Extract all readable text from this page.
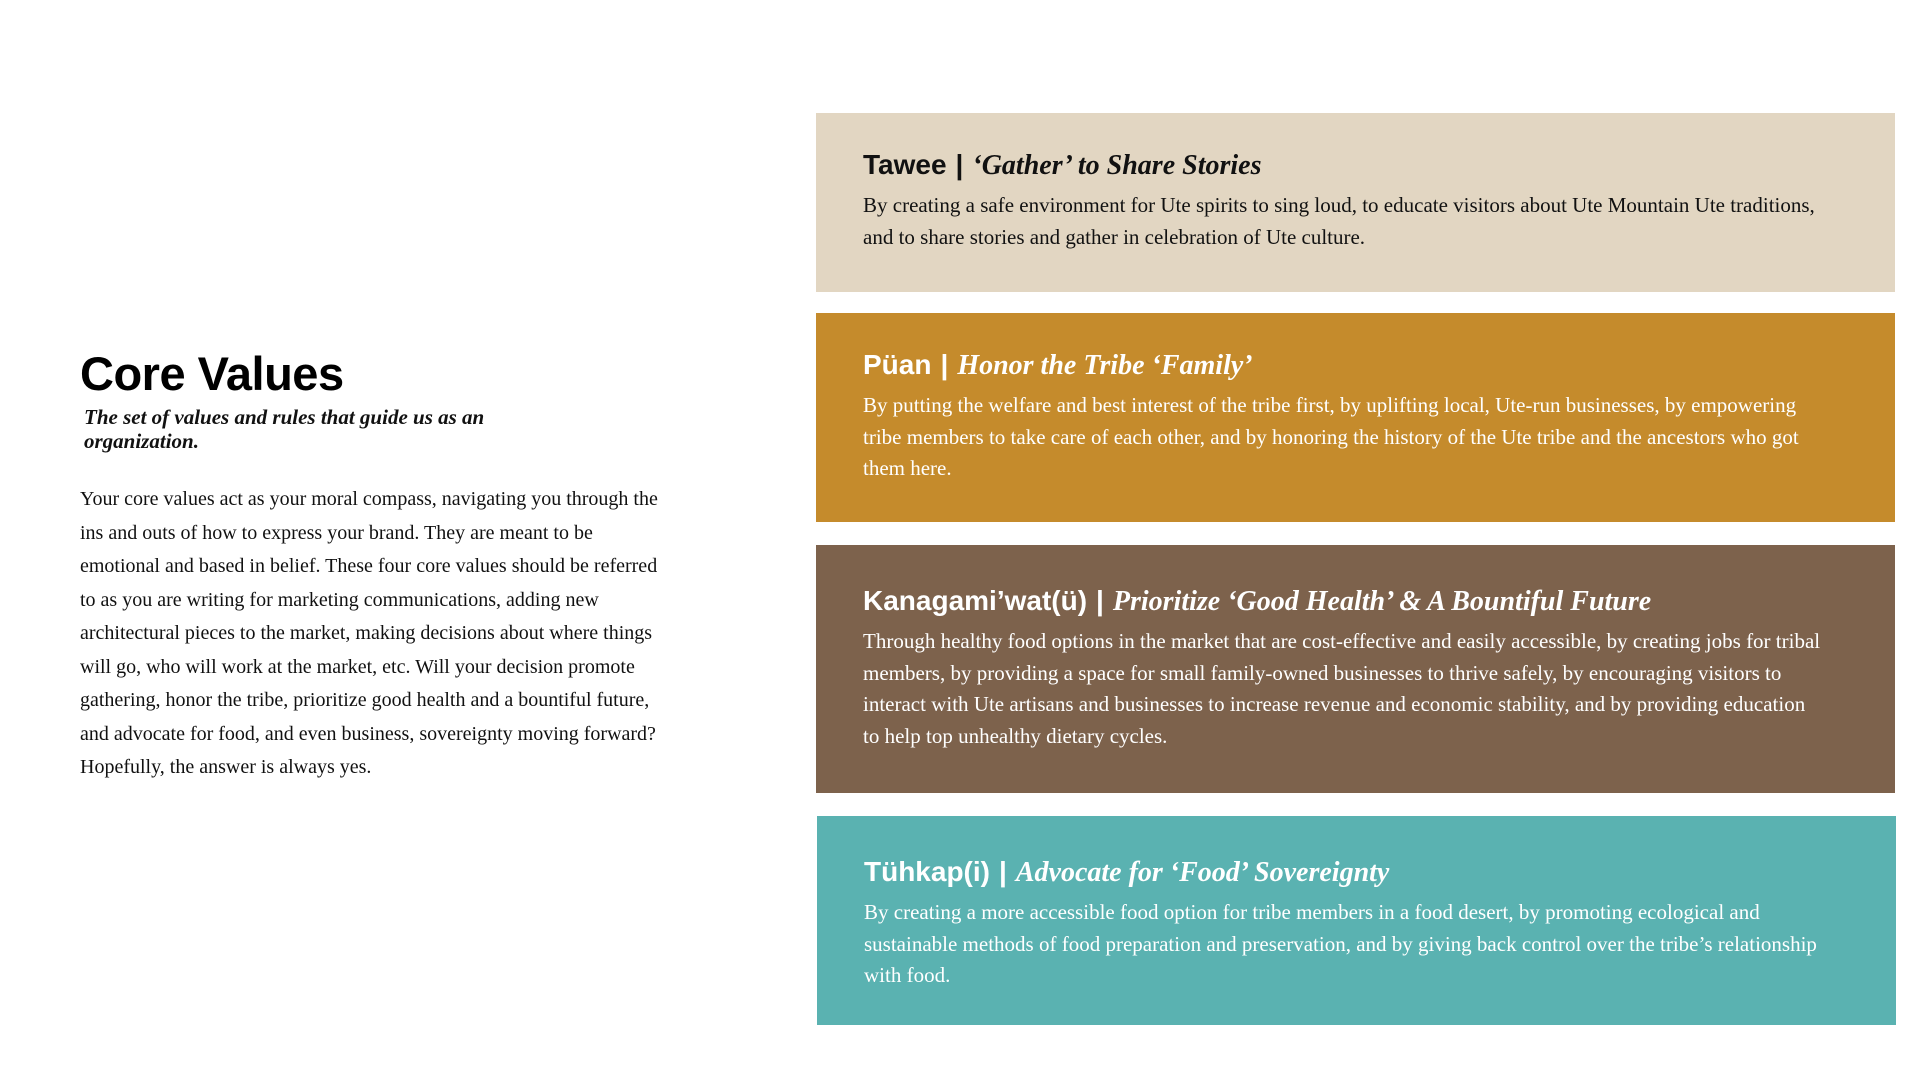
Core Values

The set of values and rules that guide us as an organization.

Your core values act as your moral compass, navigating you through the ins and outs of how to express your brand. They are meant to be emotional and based in belief. These four core values should be referred to as you are writing for marketing communications, adding new architectural pieces to the market, making decisions about where things will go, who will work at the market, etc. Will your decision promote gathering, honor the tribe, prioritize good health and a bountiful future, and advocate for food, and even business, sovereignty moving forward? Hopefully, the answer is always yes.

Tawee | ‘Gather’ to Share Stories

By creating a safe environment for Ute spirits to sing loud, to educate visitors about Ute Mountain Ute traditions, and to share stories and gather in celebration of Ute culture.

Püan | Honor the Tribe ‘Family’

By putting the welfare and best interest of the tribe first, by uplifting local, Ute-run businesses, by empowering tribe members to take care of each other, and by honoring the history of the Ute tribe and the ancestors who got them here.

Kanagami’wat(ü) | Prioritize ‘Good Health’ & A Bountiful Future

Through healthy food options in the market that are cost-effective and easily accessible, by creating jobs for tribal members, by providing a space for small family-owned businesses to thrive safely, by encouraging visitors to interact with Ute artisans and businesses to increase revenue and economic stability, and by providing education to help top unhealthy dietary cycles.

Tühkap(i) | Advocate for ‘Food’ Sovereignty

By creating a more accessible food option for tribe members in a food desert, by promoting ecological and sustainable methods of food preparation and preservation, and by giving back control over the tribe’s relationship with food.
